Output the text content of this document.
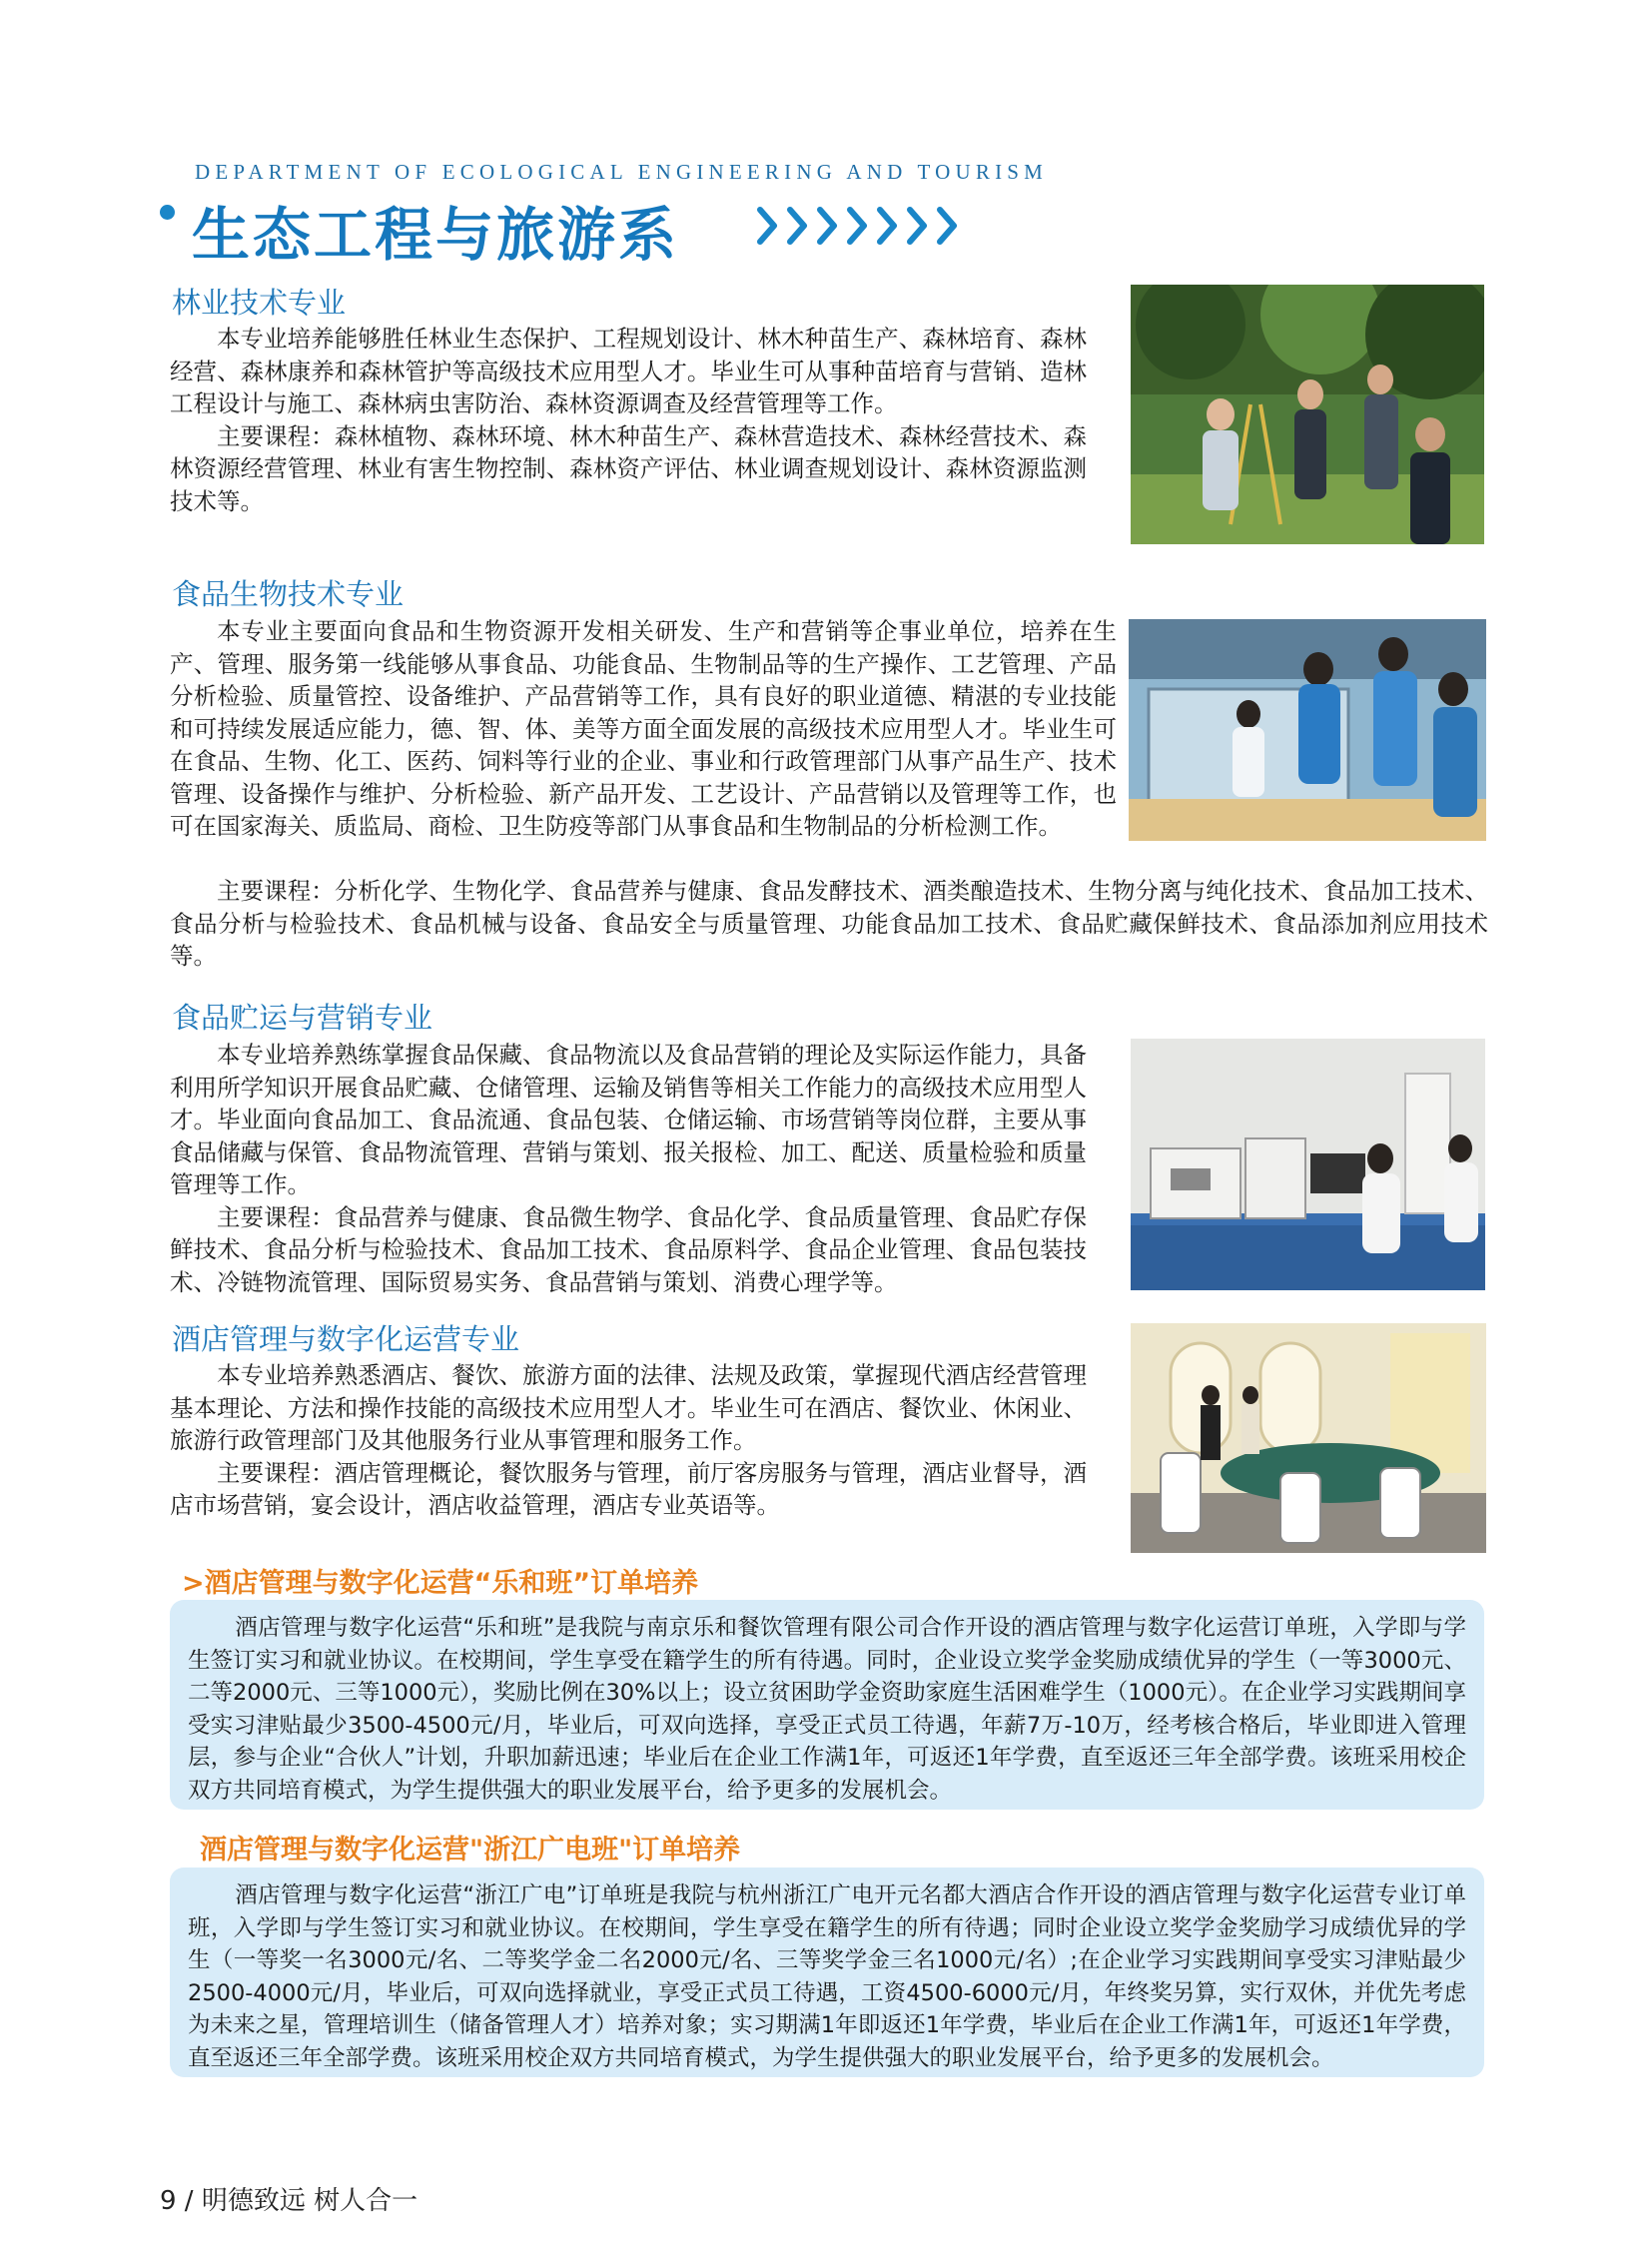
DEPARTMENT OF ECOLOGICAL ENGINEERING AND TOURISM
生态工程与旅游系
林业技术专业

本专业培养能够胜任林业生态保护、工程规划设计、林木种苗生产、森林培育、森林经营、森林康养和森林管护等高级技术应用型人才。毕业生可从事种苗培育与营销、造林工程设计与施工、森林病虫害防治、森林资源调查及经营管理等工作。

主要课程：森林植物、森林环境、林木种苗生产、森林营造技术、森林经营技术、森林资源经营管理、林业有害生物控制、森林资产评估、林业调查规划设计、森林资源监测技术等。

食品生物技术专业

本专业主要面向食品和生物资源开发相关研发、生产和营销等企事业单位，培养在生产、管理、服务第一线能够从事食品、功能食品、生物制品等的生产操作、工艺管理、产品分析检验、质量管控、设备维护、产品营销等工作，具有良好的职业道德、精湛的专业技能和可持续发展适应能力，德、智、体、美等方面全面发展的高级技术应用型人才。毕业生可在食品、生物、化工、医药、饲料等行业的企业、事业和行政管理部门从事产品生产、技术管理、设备操作与维护、分析检验、新产品开发、工艺设计、产品营销以及管理等工作，也可在国家海关、质监局、商检、卫生防疫等部门从事食品和生物制品的分析检测工作。

主要课程：分析化学、生物化学、食品营养与健康、食品发酵技术、酒类酿造技术、生物分离与纯化技术、食品加工技术、食品分析与检验技术、食品机械与设备、食品安全与质量管理、功能食品加工技术、食品贮藏保鲜技术、食品添加剂应用技术等。

食品贮运与营销专业

本专业培养熟练掌握食品保藏、食品物流以及食品营销的理论及实际运作能力，具备利用所学知识开展食品贮藏、仓储管理、运输及销售等相关工作能力的高级技术应用型人才。毕业面向食品加工、食品流通、食品包装、仓储运输、市场营销等岗位群，主要从事食品储藏与保管、食品物流管理、营销与策划、报关报检、加工、配送、质量检验和质量管理等工作。

主要课程：食品营养与健康、食品微生物学、食品化学、食品质量管理、食品贮存保鲜技术、食品分析与检验技术、食品加工技术、食品原料学、食品企业管理、食品包装技术、冷链物流管理、国际贸易实务、食品营销与策划、消费心理学等。

酒店管理与数字化运营专业

本专业培养熟悉酒店、餐饮、旅游方面的法律、法规及政策，掌握现代酒店经营管理基本理论、方法和操作技能的高级技术应用型人才。毕业生可在酒店、餐饮业、休闲业、旅游行政管理部门及其他服务行业从事管理和服务工作。

主要课程：酒店管理概论，餐饮服务与管理，前厅客房服务与管理，酒店业督导，酒店市场营销，宴会设计，酒店收益管理，酒店专业英语等。

>酒店管理与数字化运营“乐和班”订单培养

酒店管理与数字化运营“乐和班”是我院与南京乐和餐饮管理有限公司合作开设的酒店管理与数字化运营订单班，入学即与学生签订实习和就业协议。在校期间，学生享受在籍学生的所有待遇。同时，企业设立奖学金奖励成绩优异的学生（一等3000元、二等2000元、三等1000元），奖励比例在30%以上；设立贫困助学金资助家庭生活困难学生（1000元）。在企业学习实践期间享受实习津贴最少3500-4500元/月，毕业后，可双向选择，享受正式员工待遇，年薪7万-10万，经考核合格后，毕业即进入管理层，参与企业“合伙人”计划，升职加薪迅速；毕业后在企业工作满1年，可返还1年学费，直至返还三年全部学费。该班采用校企双方共同培育模式，为学生提供强大的职业发展平台，给予更多的发展机会。

酒店管理与数字化运营"浙江广电班"订单培养

酒店管理与数字化运营“浙江广电”订单班是我院与杭州浙江广电开元名都大酒店合作开设的酒店管理与数字化运营专业订单班，入学即与学生签订实习和就业协议。在校期间，学生享受在籍学生的所有待遇；同时企业设立奖学金奖励学习成绩优异的学生（一等奖一名3000元/名、二等奖学金二名2000元/名、三等奖学金三名1000元/名）;在企业学习实践期间享受实习津贴最少2500-4000元/月，毕业后，可双向选择就业，享受正式员工待遇，工资4500-6000元/月，年终奖另算，实行双休，并优先考虑为未来之星，管理培训生（储备管理人才）培养对象；实习期满1年即返还1年学费，毕业后在企业工作满1年，可返还1年学费，直至返还三年全部学费。该班采用校企双方共同培育模式，为学生提供强大的职业发展平台，给予更多的发展机会。

9 / 明德致远 树人合一
